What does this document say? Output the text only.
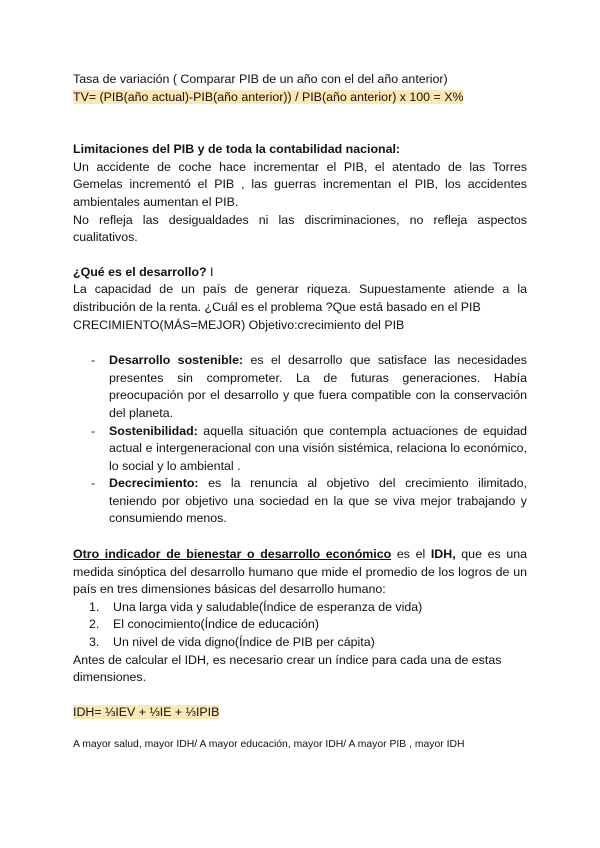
Tasa de variación ( Comparar PIB de un año con el del año anterior)

TV= (PIB(año actual)-PIB(año anterior)) / PIB(año anterior) x 100 = X%

Limitaciones del PIB y de toda la contabilidad nacional:

Un accidente de coche hace incrementar el PIB, el atentado de las Torres Gemelas incrementó el PIB , las guerras incrementan el PIB, los accidentes ambientales aumentan el PIB.

No refleja las desigualdades ni las discriminaciones, no refleja aspectos cualitativos.

¿Qué es el desarrollo? I

La capacidad de un país de generar riqueza. Supuestamente atiende a la distribución de la renta. ¿Cuál es el problema ?Que está basado en el PIB

CRECIMIENTO(MÁS=MEJOR) Objetivo:crecimiento del PIB

- Desarrollo sostenible: es el desarrollo que satisface las necesidades presentes sin comprometer. La de futuras generaciones. Había preocupación por el desarrollo y que fuera compatible con la conservación del planeta.
- Sostenibilidad: aquella situación que contempla actuaciones de equidad actual e intergeneracional con una visión sistémica, relaciona lo económico, lo social y lo ambiental .
- Decrecimiento: es la renuncia al objetivo del crecimiento ilimitado, teniendo por objetivo una sociedad en la que se viva mejor trabajando y consumiendo menos.

Otro indicador de bienestar o desarrollo económico es el IDH, que es una medida sinóptica del desarrollo humano que mide el promedio de los logros de un país en tres dimensiones básicas del desarrollo humano:

1. Una larga vida y saludable(Índice de esperanza de vida)
2. El conocimiento(Índice de educación)
3. Un nivel de vida digno(Índice de PIB per cápita)

Antes de calcular el IDH, es necesario crear un índice para cada una de estas dimensiones.

IDH= ⅓IEV + ⅓IE + ⅓IPIB

A mayor salud, mayor IDH/ A mayor educación, mayor IDH/ A mayor PIB , mayor IDH
